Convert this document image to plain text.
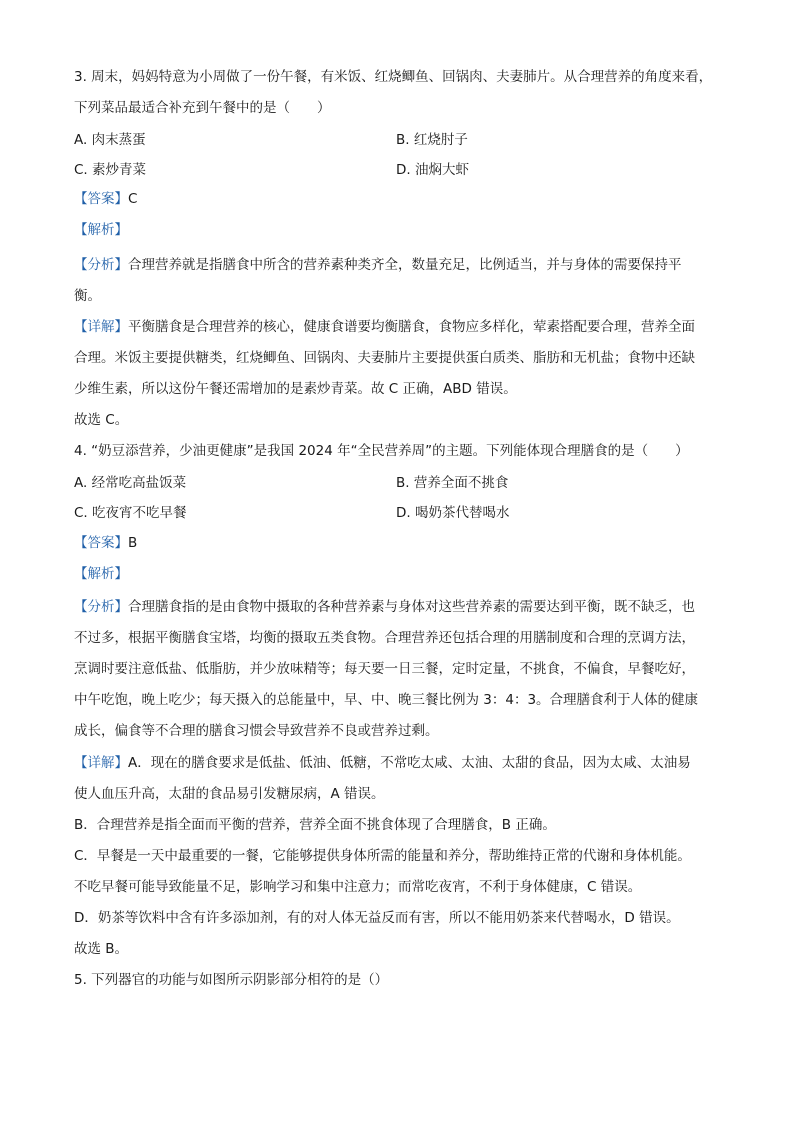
3. 周末，妈妈特意为小周做了一份午餐，有米饭、红烧鲫鱼、回锅肉、夫妻肺片。从合理营养的角度来看，

下列菜品最适合补充到午餐中的是（　　）

A. 肉末蒸蛋	B. 红烧肘子
C. 素炒青菜	D. 油焖大虾

【答案】C

【解析】

【分析】合理营养就是指膳食中所含的营养素种类齐全，数量充足，比例适当，并与身体的需要保持平

衡。

【详解】平衡膳食是合理营养的核心，健康食谱要均衡膳食，食物应多样化，荤素搭配要合理，营养全面

合理。米饭主要提供糖类，红烧鲫鱼、回锅肉、夫妻肺片主要提供蛋白质类、脂肪和无机盐；食物中还缺

少维生素，所以这份午餐还需增加的是素炒青菜。故 C 正确，ABD 错误。

故选 C。

4. “奶豆添营养，少油更健康”是我国 2024 年“全民营养周”的主题。下列能体现合理膳食的是（　　）

A. 经常吃高盐饭菜	B. 营养全面不挑食
C. 吃夜宵不吃早餐	D. 喝奶茶代替喝水

【答案】B

【解析】

【分析】合理膳食指的是由食物中摄取的各种营养素与身体对这些营养素的需要达到平衡，既不缺乏，也

不过多，根据平衡膳食宝塔，均衡的摄取五类食物。合理营养还包括合理的用膳制度和合理的烹调方法，

烹调时要注意低盐、低脂肪，并少放味精等；每天要一日三餐，定时定量，不挑食，不偏食，早餐吃好，

中午吃饱，晚上吃少；每天摄入的总能量中，早、中、晚三餐比例为 3：4：3。合理膳食利于人体的健康

成长，偏食等不合理的膳食习惯会导致营养不良或营养过剩。

【详解】A．现在的膳食要求是低盐、低油、低糖，不常吃太咸、太油、太甜的食品，因为太咸、太油易

使人血压升高，太甜的食品易引发糖尿病，A 错误。

B．合理营养是指全面而平衡的营养，营养全面不挑食体现了合理膳食，B 正确。

C．早餐是一天中最重要的一餐，它能够提供身体所需的能量和养分，帮助维持正常的代谢和身体机能。

不吃早餐可能导致能量不足，影响学习和集中注意力；而常吃夜宵，不利于身体健康，C 错误。

D．奶茶等饮料中含有许多添加剂，有的对人体无益反而有害，所以不能用奶茶来代替喝水，D 错误。

故选 B。

5. 下列器官的功能与如图所示阴影部分相符的是（）
